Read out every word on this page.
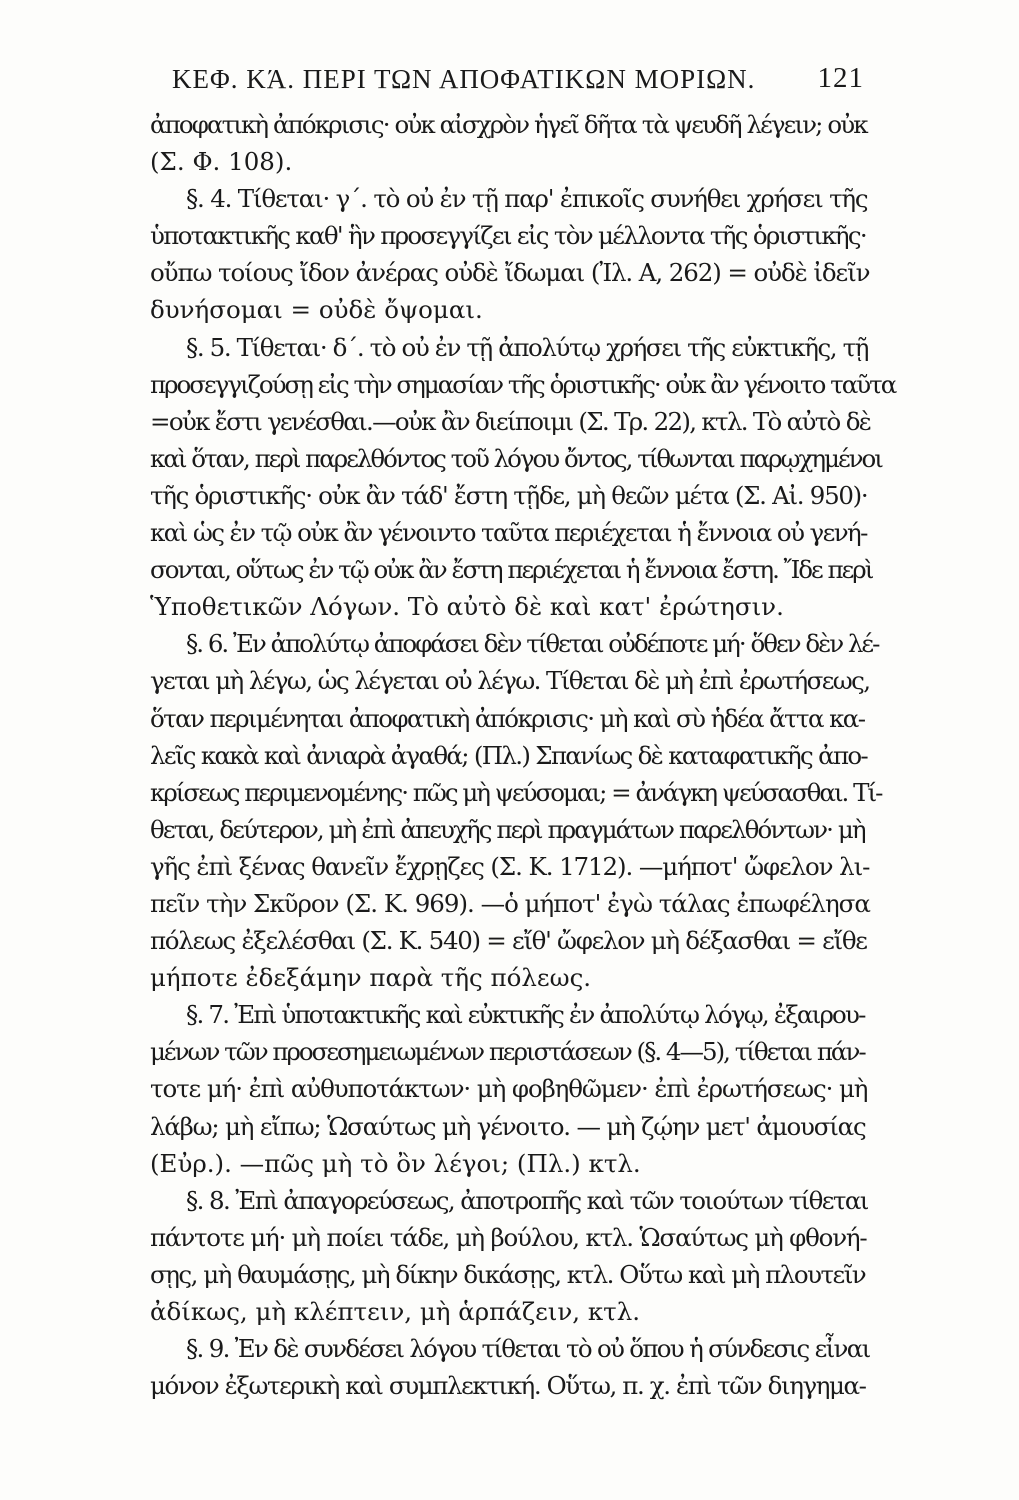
ΚΕΦ. ΚΆ. ΠΕΡΙ ΤΩΝ ΑΠΟΦΑΤΙΚΩΝ ΜΟΡΙΩΝ. 121
ἀποφατικὴ ἀπόκρισις· οὐκ αἰσχρὸν ἡγεῖ δῆτα τὰ ψευδῆ λέγειν; οὐκ
(Σ. Φ. 108).
§. 4. Τίθεται· γ΄. τὸ οὐ ἐν τῇ παρ' ἐπικοῖς συνήθει χρήσει τῆς
ὑποτακτικῆς καθ' ἣν προσεγγίζει εἰς τὸν μέλλοντα τῆς ὁριστικῆς·
οὔπω τοίους ἴδον ἀνέρας οὐδὲ ἴδωμαι (Ἰλ. Α, 262) = οὐδὲ ἰδεῖν
δυνήσομαι = οὐδὲ ὄψομαι.
§. 5. Τίθεται· δ΄. τὸ οὐ ἐν τῇ ἀπολύτῳ χρήσει τῆς εὐκτικῆς, τῇ
προσεγγιζούσῃ εἰς τὴν σημασίαν τῆς ὁριστικῆς· οὐκ ἂν γένοιτο ταῦτα
=οὐκ ἔστι γενέσθαι.—οὐκ ἂν διείποιμι (Σ. Τρ. 22), κτλ. Τὸ αὐτὸ δὲ
καὶ ὅταν, περὶ παρελθόντος τοῦ λόγου ὄντος, τίθωνται παρῳχημένοι
τῆς ὁριστικῆς· οὐκ ἂν τάδ' ἔστη τῇδε, μὴ θεῶν μέτα (Σ. Αἰ. 950)·
καὶ ὡς ἐν τῷ οὐκ ἂν γένοιντο ταῦτα περιέχεται ἡ ἔννοια οὐ γενή-
σονται, οὕτως ἐν τῷ οὐκ ἂν ἔστη περιέχεται ἡ ἔννοια ἔστη. Ἴδε περὶ
Ὑποθετικῶν Λόγων. Τὸ αὐτὸ δὲ καὶ κατ' ἐρώτησιν.
§. 6. Ἐν ἀπολύτῳ ἀποφάσει δὲν τίθεται οὐδέποτε μή· ὅθεν δὲν λέ-
γεται μὴ λέγω, ὡς λέγεται οὐ λέγω. Τίθεται δὲ μὴ ἐπὶ ἐρωτήσεως,
ὅταν περιμένηται ἀποφατικὴ ἀπόκρισις· μὴ καὶ σὺ ἡδέα ἄττα κα-
λεῖς κακὰ καὶ ἀνιαρὰ ἀγαθά; (Πλ.) Σπανίως δὲ καταφατικῆς ἀπο-
κρίσεως περιμενομένης· πῶς μὴ ψεύσομαι; = ἀνάγκη ψεύσασθαι. Τί-
θεται, δεύτερον, μὴ ἐπὶ ἀπευχῆς περὶ πραγμάτων παρελθόντων· μὴ
γῆς ἐπὶ ξένας θανεῖν ἔχρῃζες (Σ. Κ. 1712). —μήποτ' ὤφελον λι-
πεῖν τὴν Σκῦρον (Σ. Κ. 969). —ὁ μήποτ' ἐγὼ τάλας ἐπωφέλησα
πόλεως ἐξελέσθαι (Σ. Κ. 540) = εἴθ' ὤφελον μὴ δέξασθαι = εἴθε
μήποτε ἐδεξάμην παρὰ τῆς πόλεως.
§. 7. Ἐπὶ ὑποτακτικῆς καὶ εὐκτικῆς ἐν ἀπολύτῳ λόγῳ, ἐξαιρου-
μένων τῶν προσεσημειωμένων περιστάσεων (§. 4—5), τίθεται πάν-
τοτε μή· ἐπὶ αὐθυποτάκτων· μὴ φοβηθῶμεν· ἐπὶ ἐρωτήσεως· μὴ
λάβω; μὴ εἴπω; Ὡσαύτως μὴ γένοιτο. — μὴ ζῴην μετ' ἀμουσίας
(Εὐρ.). —πῶς μὴ τὸ ὂν λέγοι; (Πλ.) κτλ.
§. 8. Ἐπὶ ἀπαγορεύσεως, ἀποτροπῆς καὶ τῶν τοιούτων τίθεται
πάντοτε μή· μὴ ποίει τάδε, μὴ βούλου, κτλ. Ὡσαύτως μὴ φθονή-
σῃς, μὴ θαυμάσῃς, μὴ δίκην δικάσῃς, κτλ. Οὕτω καὶ μὴ πλουτεῖν
ἀδίκως, μὴ κλέπτειν, μὴ ἁρπάζειν, κτλ.
§. 9. Ἐν δὲ συνδέσει λόγου τίθεται τὸ οὐ ὅπου ἡ σύνδεσις εἶναι
μόνον ἐξωτερικὴ καὶ συμπλεκτική. Οὕτω, π. χ. ἐπὶ τῶν διηγημα-
